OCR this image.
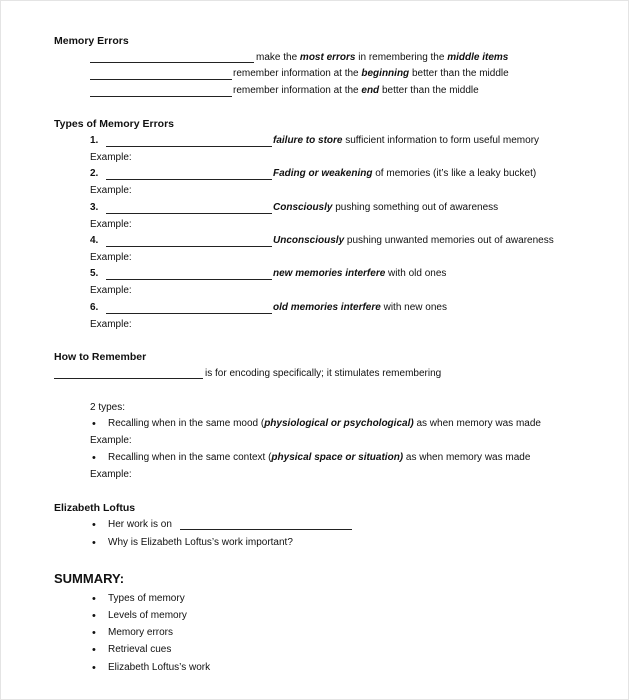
Memory Errors
make the most errors in remembering the middle items
remember information at the beginning better than the middle
remember information at the end better than the middle
Types of Memory Errors
1.	failure to store sufficient information to form useful memory
Example:
2.	Fading or weakening of memories (it’s like a leaky bucket)
Example:
3.	Consciously pushing something out of awareness
Example:
4.	Unconsciously pushing unwanted memories out of awareness
Example:
5.	new memories interfere with old ones
Example:
6.	old memories interfere with new ones
Example:
How to Remember
is for encoding specifically; it stimulates remembering
2 types:
• Recalling when in the same mood (physiological or psychological) as when memory was made
Example:
• Recalling when in the same context (physical space or situation) as when memory was made
Example:
Elizabeth Loftus
• Her work is on
• Why is Elizabeth Loftus’s work important?
SUMMARY:
• Types of memory
• Levels of memory
• Memory errors
• Retrieval cues
• Elizabeth Loftus’s work
